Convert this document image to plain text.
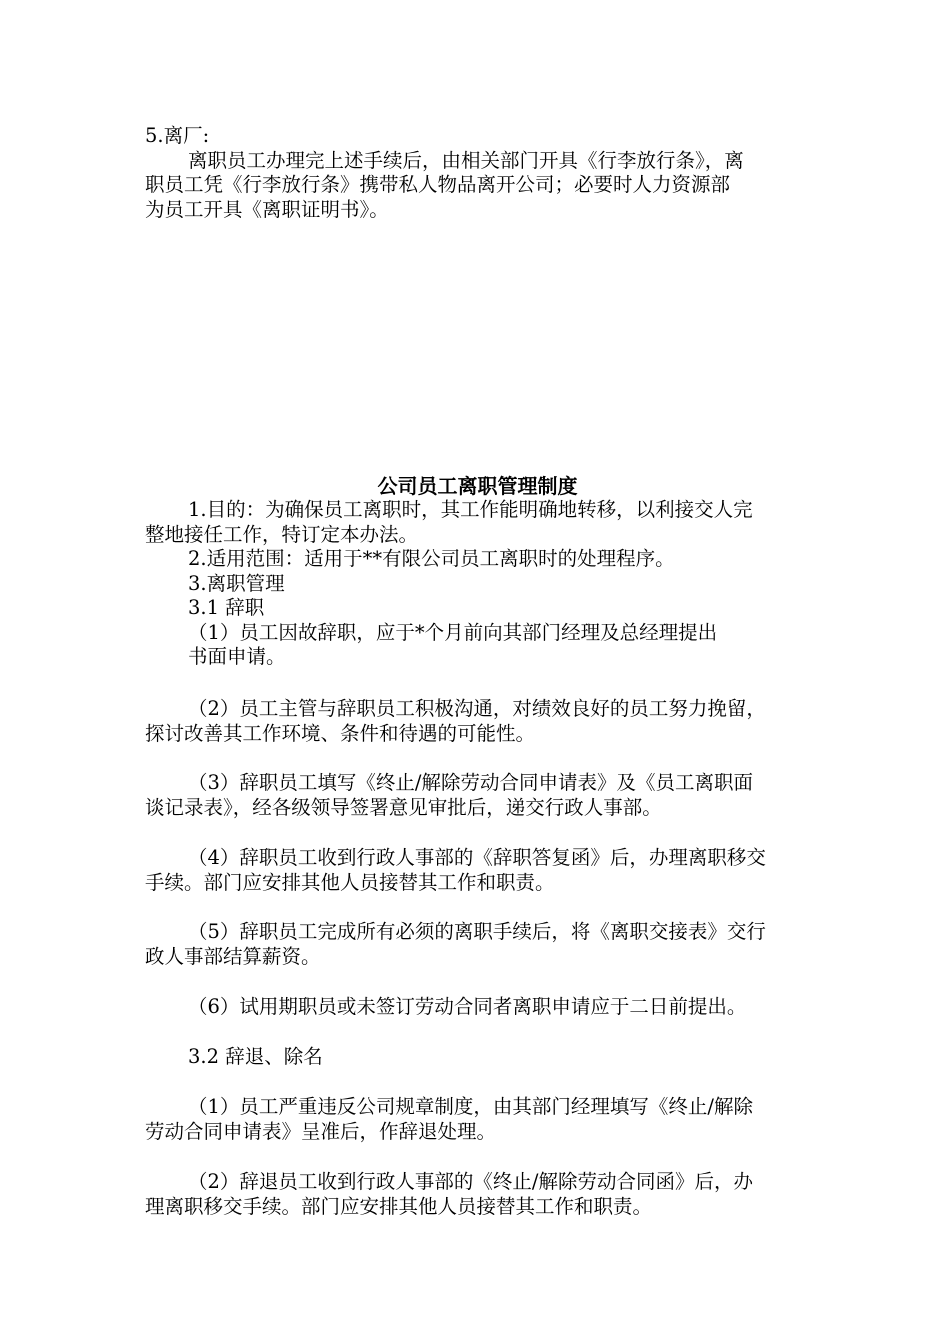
5.离厂:
离职员工办理完上述手续后，由相关部门开具《行李放行条》，离
职员工凭《行李放行条》携带私人物品离开公司；必要时人力资源部
为员工开具《离职证明书》。
公司员工离职管理制度
1.目的：为确保员工离职时，其工作能明确地转移，以利接交人完
整地接任工作，特订定本办法。
2.适用范围：适用于**有限公司员工离职时的处理程序。
3.离职管理
3.1 辞职
（1）员工因故辞职，应于*个月前向其部门经理及总经理提出
书面申请。
（2）员工主管与辞职员工积极沟通，对绩效良好的员工努力挽留，
探讨改善其工作环境、条件和待遇的可能性。
（3）辞职员工填写《终止/解除劳动合同申请表》及《员工离职面
谈记录表》，经各级领导签署意见审批后，递交行政人事部。
（4）辞职员工收到行政人事部的《辞职答复函》后，办理离职移交
手续。部门应安排其他人员接替其工作和职责。
（5）辞职员工完成所有必须的离职手续后，将《离职交接表》交行
政人事部结算薪资。
（6）试用期职员或未签订劳动合同者离职申请应于二日前提出。
3.2 辞退、除名
（1）员工严重违反公司规章制度，由其部门经理填写《终止/解除
劳动合同申请表》呈准后，作辞退处理。
（2）辞退员工收到行政人事部的《终止/解除劳动合同函》后，办
理离职移交手续。部门应安排其他人员接替其工作和职责。
